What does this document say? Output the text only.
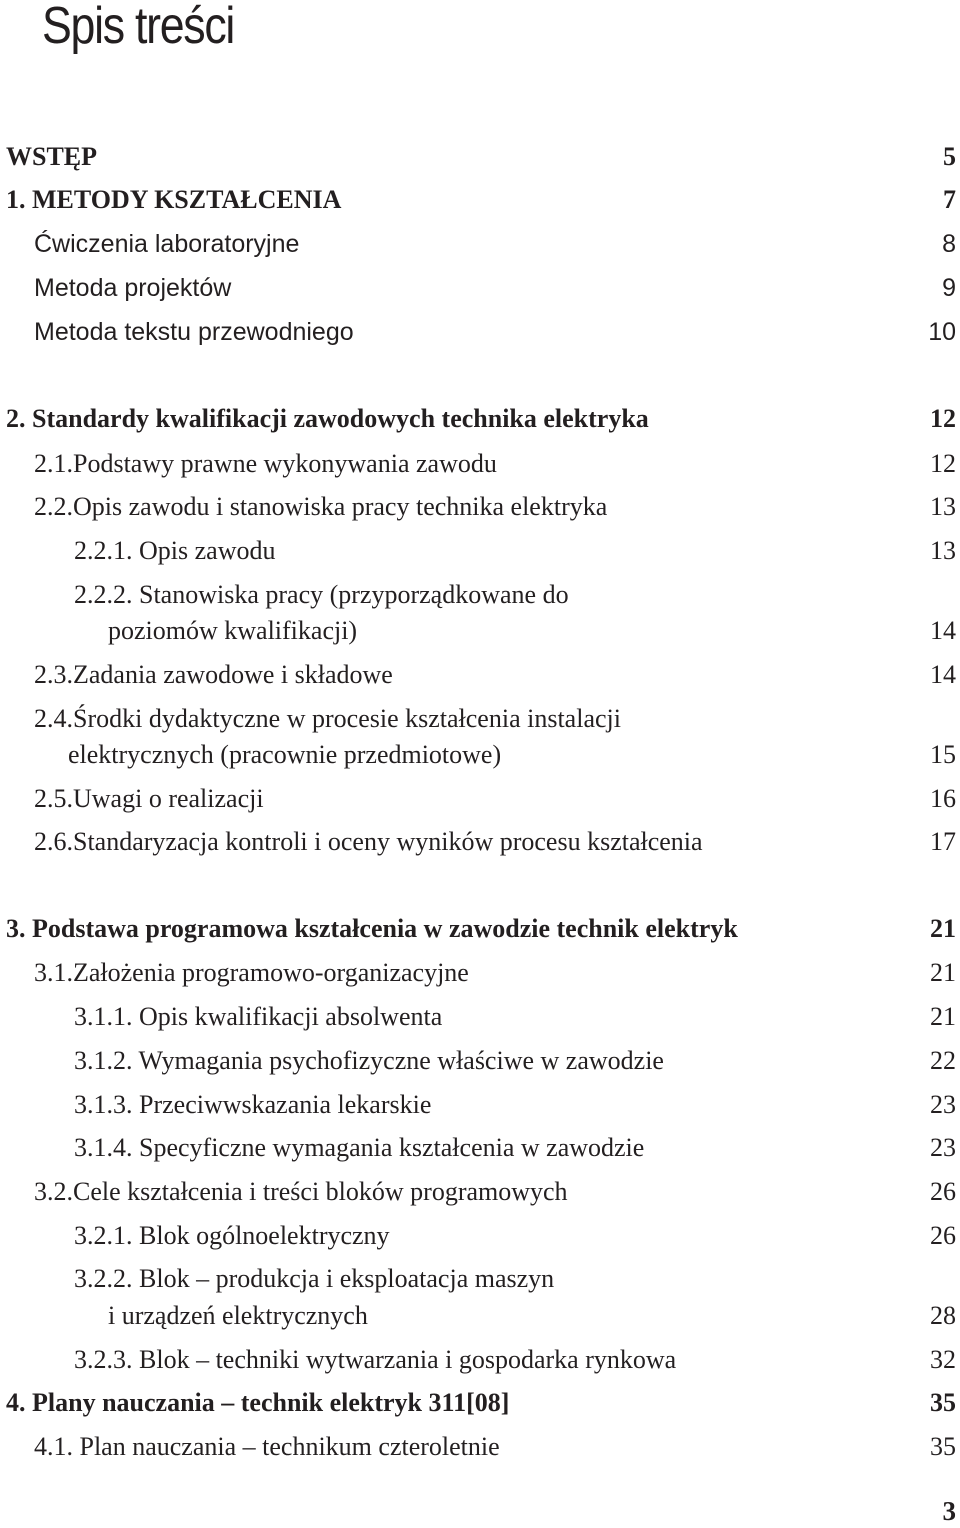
Spis treści
WSTĘP	5
1. METODY KSZTAŁCENIA	7
Ćwiczenia laboratoryjne	8
Metoda projektów	9
Metoda tekstu przewodniego	10
2. Standardy kwalifikacji zawodowych technika elektryka	12
2.1.Podstawy prawne wykonywania zawodu	12
2.2.Opis zawodu i stanowiska pracy technika elektryka	13
2.2.1. Opis zawodu	13
2.2.2. Stanowiska pracy (przyporządkowane do
poziomów kwalifikacji)	14
2.3.Zadania zawodowe i składowe	14
2.4.Środki dydaktyczne w procesie kształcenia instalacji
elektrycznych (pracownie przedmiotowe)	15
2.5.Uwagi o realizacji	16
2.6.Standaryzacja kontroli i oceny wyników procesu kształcenia	17
3. Podstawa programowa kształcenia w zawodzie technik elektryk	21
3.1.Założenia programowo-organizacyjne	21
3.1.1. Opis kwalifikacji absolwenta	21
3.1.2. Wymagania psychofizyczne właściwe w zawodzie	22
3.1.3. Przeciwwskazania lekarskie	23
3.1.4. Specyficzne wymagania kształcenia w zawodzie	23
3.2.Cele kształcenia i treści bloków programowych	26
3.2.1. Blok ogólnoelektryczny	26
3.2.2. Blok – produkcja i eksploatacja maszyn
i urządzeń elektrycznych	28
3.2.3. Blok – techniki wytwarzania i gospodarka rynkowa	32
4. Plany nauczania – technik elektryk 311[08]	35
4.1. Plan nauczania – technikum czteroletnie	35
3
